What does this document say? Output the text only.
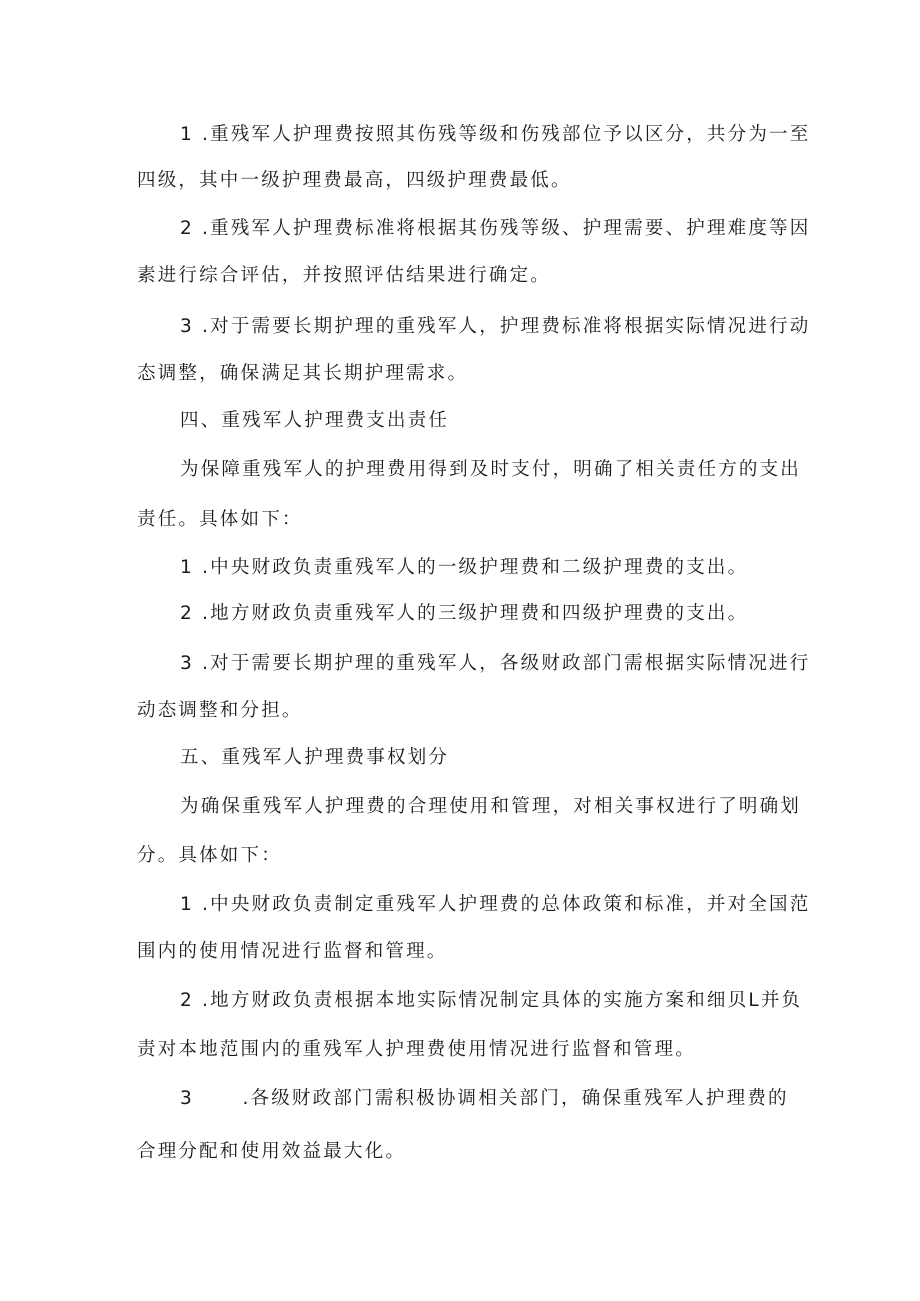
1 .重残军人护理费按照其伤残等级和伤残部位予以区分，共分为一至
四级，其中一级护理费最高，四级护理费最低。
2 .重残军人护理费标准将根据其伤残等级、护理需要、护理难度等因
素进行综合评估，并按照评估结果进行确定。
3 .对于需要长期护理的重残军人，护理费标准将根据实际情况进行动
态调整，确保满足其长期护理需求。
四、重残军人护理费支出责任
为保障重残军人的护理费用得到及时支付，明确了相关责任方的支出
责任。具体如下：
1 .中央财政负责重残军人的一级护理费和二级护理费的支出。
2 .地方财政负责重残军人的三级护理费和四级护理费的支出。
3 .对于需要长期护理的重残军人，各级财政部门需根据实际情况进行
动态调整和分担。
五、重残军人护理费事权划分
为确保重残军人护理费的合理使用和管理，对相关事权进行了明确划
分。具体如下：
1 .中央财政负责制定重残军人护理费的总体政策和标准，并对全国范
围内的使用情况进行监督和管理。
2 .地方财政负责根据本地实际情况制定具体的实施方案和细贝L并负
责对本地范围内的重残军人护理费使用情况进行监督和管理。
3      .各级财政部门需积极协调相关部门，确保重残军人护理费的
合理分配和使用效益最大化。
